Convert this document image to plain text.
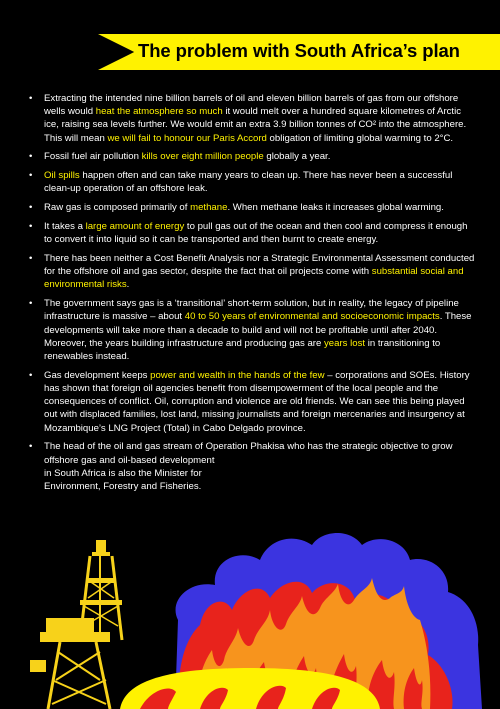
The problem with South Africa’s plan
• Extracting the intended nine billion barrels of oil and eleven billion barrels of gas from our offshore wells would heat the atmosphere so much it would melt over a hundred square kilometres of Arctic ice, raising sea levels further. We would emit an extra 3.9 billion tonnes of CO² into the atmosphere. This will mean we will fail to honour our Paris Accord obligation of limiting global warming to 2°C.
• Fossil fuel air pollution kills over eight million people globally a year.
• Oil spills happen often and can take many years to clean up. There has never been a successful clean-up operation of an offshore leak.
• Raw gas is composed primarily of methane. When methane leaks it increases global warming.
• It takes a large amount of energy to pull gas out of the ocean and then cool and compress it enough to convert it into liquid so it can be transported and then burnt to create energy.
• There has been neither a Cost Benefit Analysis nor a Strategic Environmental Assessment conducted for the offshore oil and gas sector, despite the fact that oil projects come with substantial social and environmental risks.
• The government says gas is a ‘transitional’ short-term solution, but in reality, the legacy of pipeline infrastructure is massive – about 40 to 50 years of environmental and socioeconomic impacts. These developments will take more than a decade to build and will not be profitable until after 2040. Moreover, the years building infrastructure and producing gas are years lost in transitioning to renewables instead.
• Gas development keeps power and wealth in the hands of the few – corporations and SOEs. History has shown that foreign oil agencies benefit from disempowerment of the local people and the consequences of conflict. Oil, corruption and violence are old friends. We can see this being played out with displaced families, lost land, missing journalists and foreign mercenaries and insurgency at Mozambique’s LNG Project (Total) in Cabo Delgado province.
• The head of the oil and gas stream of Operation Phakisa who has the strategic objective to grow offshore gas and oil-based development
in South Africa is also the Minister for Environment, Forestry and Fisheries.
